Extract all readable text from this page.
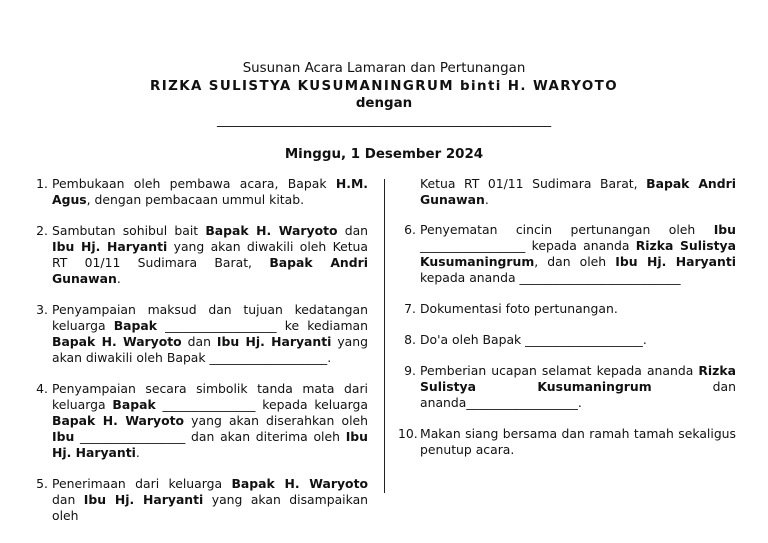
Susunan Acara Lamaran dan Pertunangan
RIZKA SULISTYA KUSUMANINGRUM binti H. WARYOTO
dengan
_____________________________________________________
Minggu, 1 Desember 2024
1. Pembukaan oleh pembawa acara, Bapak H.M. Agus, dengan pembacaan ummul kitab.
2. Sambutan sohibul bait Bapak H. Waryoto dan Ibu Hj. Haryanti yang akan diwakili oleh Ketua RT 01/11 Sudimara Barat, Bapak Andri Gunawan.
3. Penyampaian maksud dan tujuan kedatangan keluarga Bapak __________________ ke kediaman Bapak H. Waryoto dan Ibu Hj. Haryanti yang akan diwakili oleh Bapak ___________________.
4. Penyampaian secara simbolik tanda mata dari keluarga Bapak _______________ kepada keluarga Bapak H. Waryoto yang akan diserahkan oleh Ibu _________________ dan akan diterima oleh Ibu Hj. Haryanti.
5. Penerimaan dari keluarga Bapak H. Waryoto dan Ibu Hj. Haryanti yang akan disampaikan oleh
Ketua RT 01/11 Sudimara Barat, Bapak Andri Gunawan.
6. Penyematan cincin pertunangan oleh Ibu _________________ kepada ananda Rizka Sulistya Kusumaningrum, dan oleh Ibu Hj. Haryanti kepada ananda __________________________
7. Dokumentasi foto pertunangan.
8. Do'a oleh Bapak ___________________.
9. Pemberian ucapan selamat kepada ananda Rizka Sulistya Kusumaningrum dan ananda__________________.
10. Makan siang bersama dan ramah tamah sekaligus penutup acara.
